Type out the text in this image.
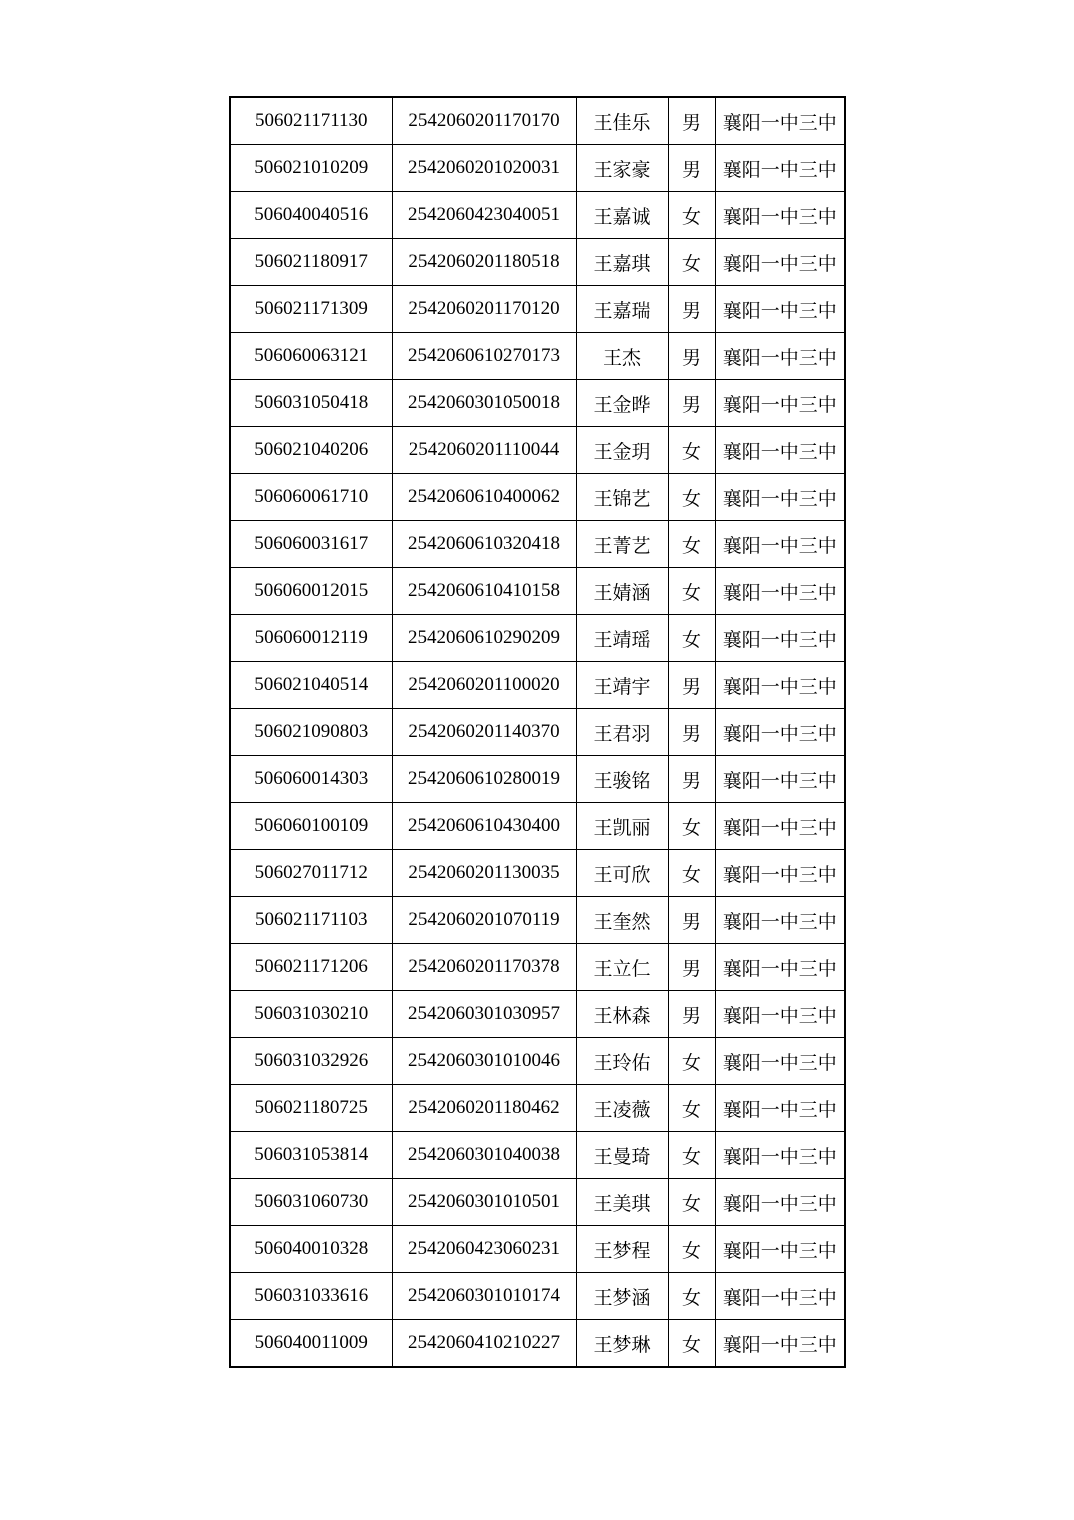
506021171130	2542060201170170	王佳乐	男	襄阳一中三中
506021010209	2542060201020031	王家豪	男	襄阳一中三中
506040040516	2542060423040051	王嘉诚	女	襄阳一中三中
506021180917	2542060201180518	王嘉琪	女	襄阳一中三中
506021171309	2542060201170120	王嘉瑞	男	襄阳一中三中
506060063121	2542060610270173	王杰	男	襄阳一中三中
506031050418	2542060301050018	王金晔	男	襄阳一中三中
506021040206	2542060201110044	王金玥	女	襄阳一中三中
506060061710	2542060610400062	王锦艺	女	襄阳一中三中
506060031617	2542060610320418	王菁艺	女	襄阳一中三中
506060012015	2542060610410158	王婧涵	女	襄阳一中三中
506060012119	2542060610290209	王靖瑶	女	襄阳一中三中
506021040514	2542060201100020	王靖宇	男	襄阳一中三中
506021090803	2542060201140370	王君羽	男	襄阳一中三中
506060014303	2542060610280019	王骏铭	男	襄阳一中三中
506060100109	2542060610430400	王凯丽	女	襄阳一中三中
506027011712	2542060201130035	王可欣	女	襄阳一中三中
506021171103	2542060201070119	王奎然	男	襄阳一中三中
506021171206	2542060201170378	王立仁	男	襄阳一中三中
506031030210	2542060301030957	王林森	男	襄阳一中三中
506031032926	2542060301010046	王玲佑	女	襄阳一中三中
506021180725	2542060201180462	王凌薇	女	襄阳一中三中
506031053814	2542060301040038	王曼琦	女	襄阳一中三中
506031060730	2542060301010501	王美琪	女	襄阳一中三中
506040010328	2542060423060231	王梦程	女	襄阳一中三中
506031033616	2542060301010174	王梦涵	女	襄阳一中三中
506040011009	2542060410210227	王梦琳	女	襄阳一中三中
